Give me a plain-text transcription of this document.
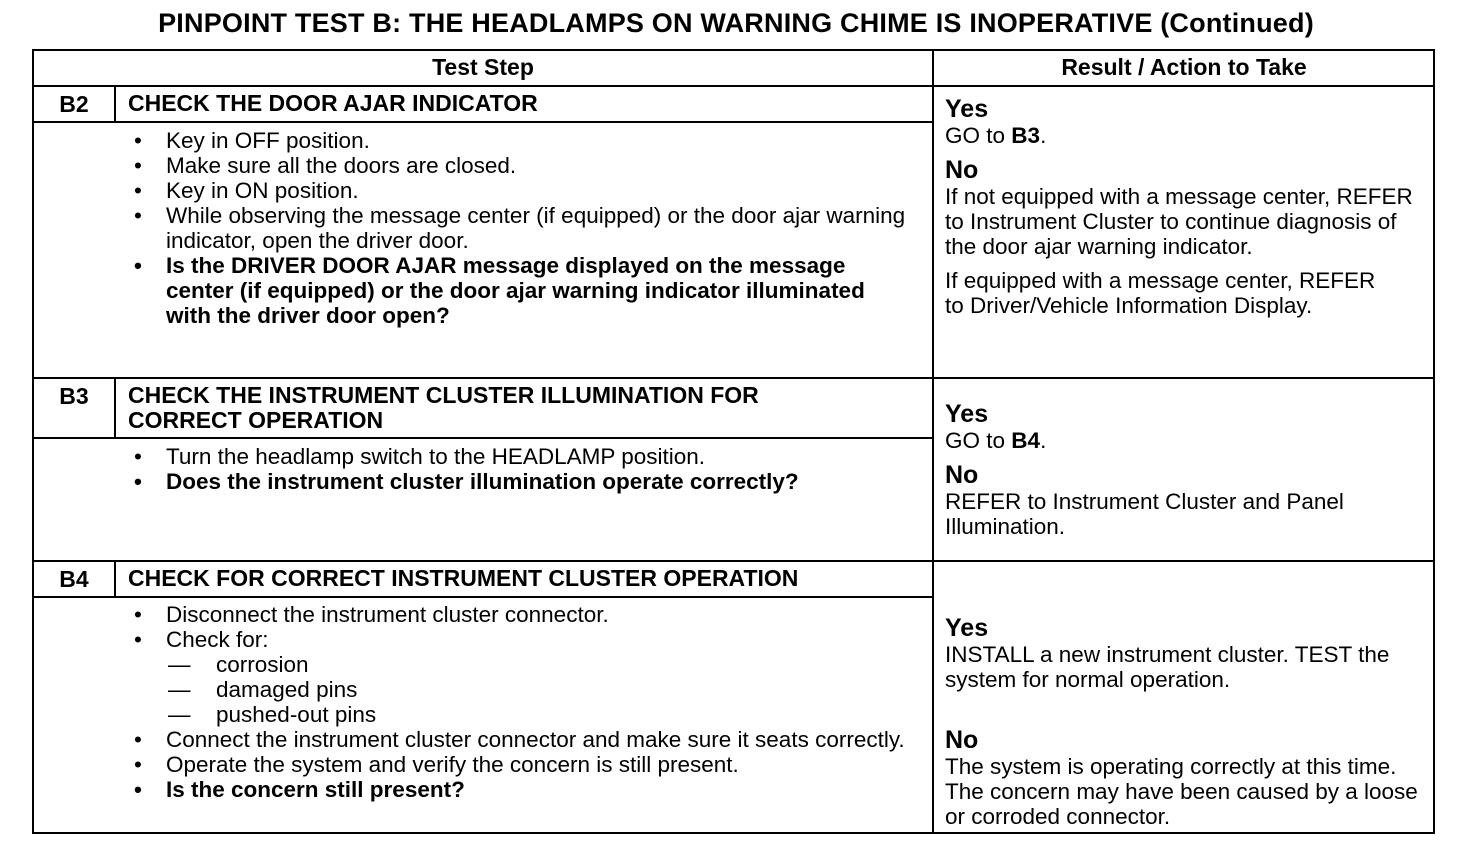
PINPOINT TEST B: THE HEADLAMPS ON WARNING CHIME IS INOPERATIVE (Continued)
Test Step	Result / Action to Take
B2	CHECK THE DOOR AJAR INDICATOR
• Key in OFF position.
• Make sure all the doors are closed.
• Key in ON position.
• While observing the message center (if equipped) or the door ajar warning indicator, open the driver door.
• Is the DRIVER DOOR AJAR message displayed on the message center (if equipped) or the door ajar warning indicator illuminated with the driver door open?
Yes

GO to B3.

No

If not equipped with a message center, REFER to Instrument Cluster to continue diagnosis of the door ajar warning indicator.

If equipped with a message center, REFER to Driver/Vehicle Information Display.

B3	CHECK THE INSTRUMENT CLUSTER ILLUMINATION FOR
CORRECT OPERATION
• Turn the headlamp switch to the HEADLAMP position.
• Does the instrument cluster illumination operate correctly?
Yes

GO to B4.

No

REFER to Instrument Cluster and Panel Illumination.

B4	CHECK FOR CORRECT INSTRUMENT CLUSTER OPERATION
• Disconnect the instrument cluster connector.
• Check for:
— corrosion
— damaged pins
— pushed-out pins
• Connect the instrument cluster connector and make sure it seats correctly.
• Operate the system and verify the concern is still present.
• Is the concern still present?
Yes

INSTALL a new instrument cluster. TEST the system for normal operation.

No

The system is operating correctly at this time. The concern may have been caused by a loose or corroded connector.
